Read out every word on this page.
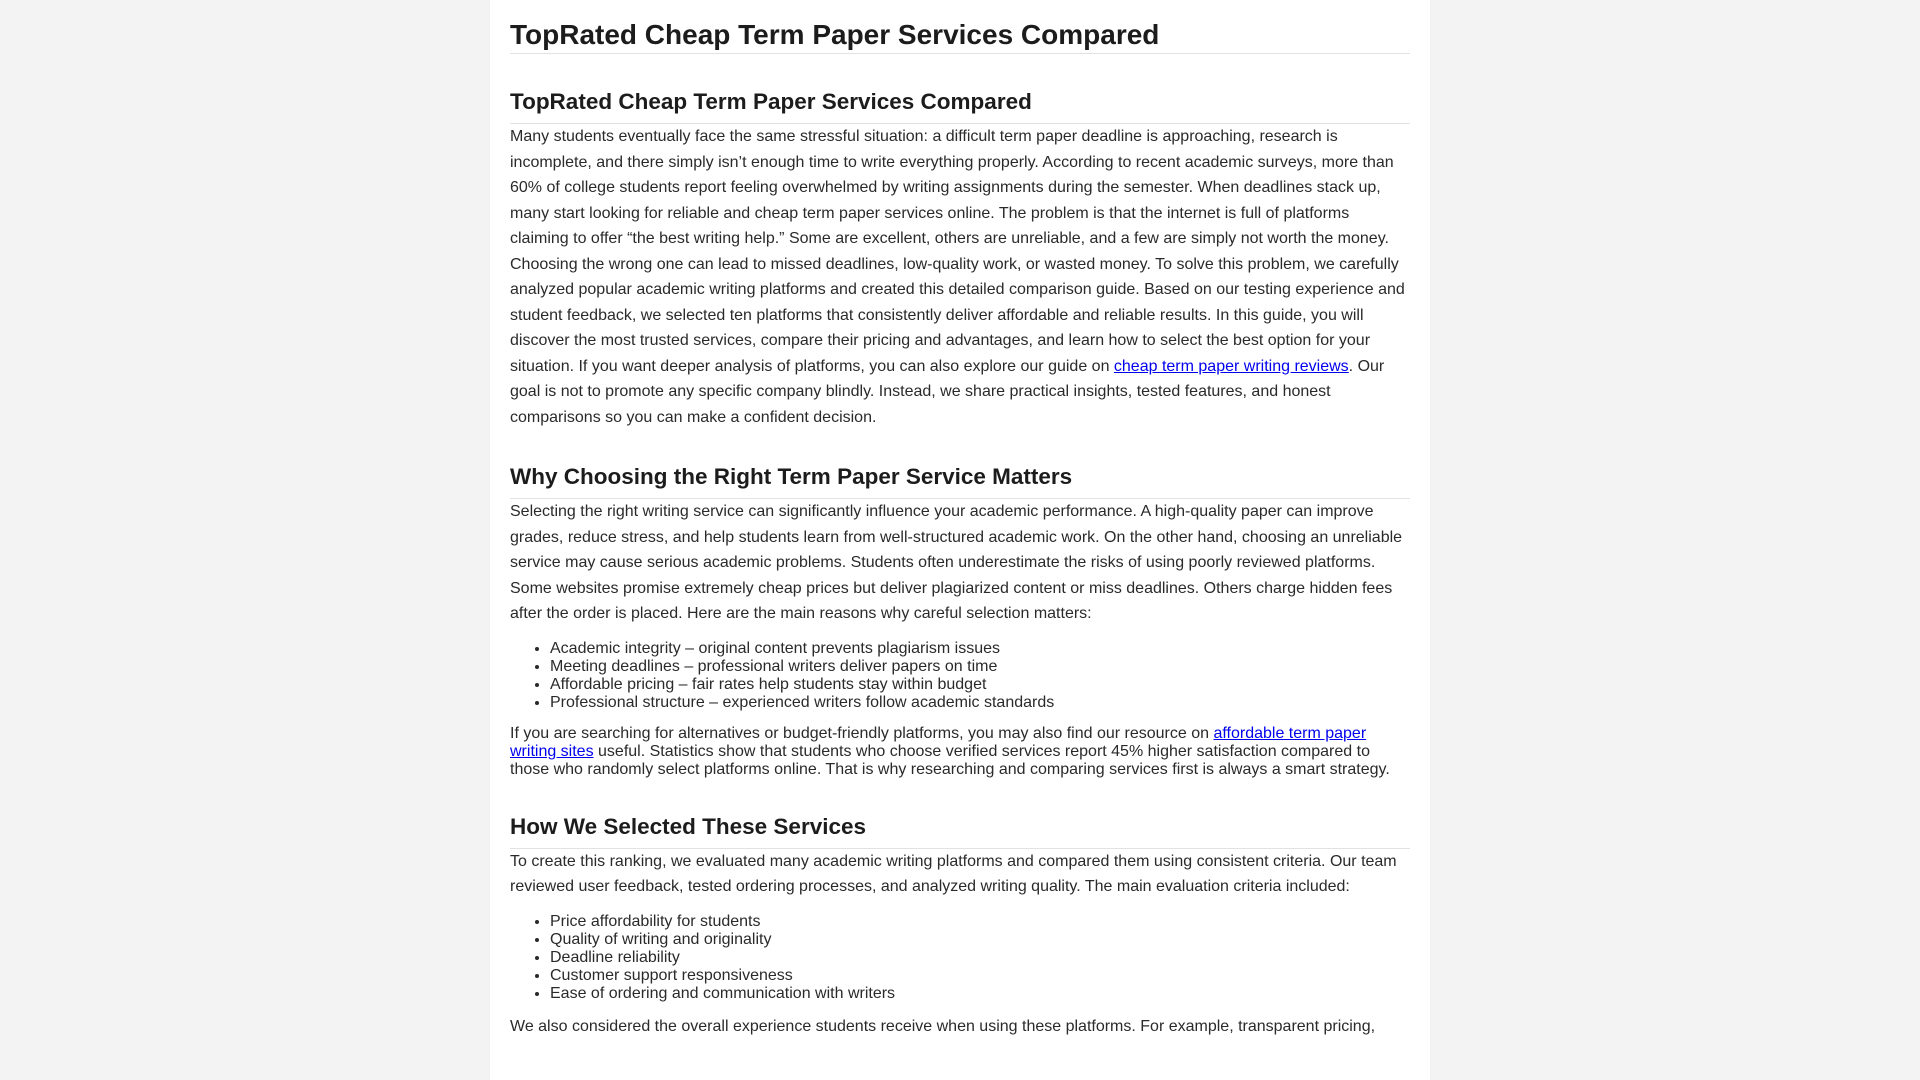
TopRated Cheap Term Paper Services Compared
TopRated Cheap Term Paper Services Compared

Many students eventually face the same stressful situation: a difficult term paper deadline is approaching, research is incomplete, and there simply isn’t enough time to write everything properly. According to recent academic surveys, more than 60% of college students report feeling overwhelmed by writing assignments during the semester. When deadlines stack up, many start looking for reliable and cheap term paper services online. The problem is that the internet is full of platforms claiming to offer “the best writing help.” Some are excellent, others are unreliable, and a few are simply not worth the money. Choosing the wrong one can lead to missed deadlines, low-quality work, or wasted money. To solve this problem, we carefully analyzed popular academic writing platforms and created this detailed comparison guide. Based on our testing experience and student feedback, we selected ten platforms that consistently deliver affordable and reliable results. In this guide, you will discover the most trusted services, compare their pricing and advantages, and learn how to select the best option for your situation. If you want deeper analysis of platforms, you can also explore our guide on cheap term paper writing reviews. Our goal is not to promote any specific company blindly. Instead, we share practical insights, tested features, and honest comparisons so you can make a confident decision.

Why Choosing the Right Term Paper Service Matters

Selecting the right writing service can significantly influence your academic performance. A high-quality paper can improve grades, reduce stress, and help students learn from well-structured academic work. On the other hand, choosing an unreliable service may cause serious academic problems. Students often underestimate the risks of using poorly reviewed platforms. Some websites promise extremely cheap prices but deliver plagiarized content or miss deadlines. Others charge hidden fees after the order is placed. Here are the main reasons why careful selection matters:

• Academic integrity – original content prevents plagiarism issues
• Meeting deadlines – professional writers deliver papers on time
• Affordable pricing – fair rates help students stay within budget
• Professional structure – experienced writers follow academic standards

If you are searching for alternatives or budget-friendly platforms, you may also find our resource on affordable term paper writing sites useful. Statistics show that students who choose verified services report 45% higher satisfaction compared to those who randomly select platforms online. That is why researching and comparing services first is always a smart strategy.

How We Selected These Services

To create this ranking, we evaluated many academic writing platforms and compared them using consistent criteria. Our team reviewed user feedback, tested ordering processes, and analyzed writing quality. The main evaluation criteria included:

• Price affordability for students
• Quality of writing and originality
• Deadline reliability
• Customer support responsiveness
• Ease of ordering and communication with writers

We also considered the overall experience students receive when using these platforms. For example, transparent pricing,
